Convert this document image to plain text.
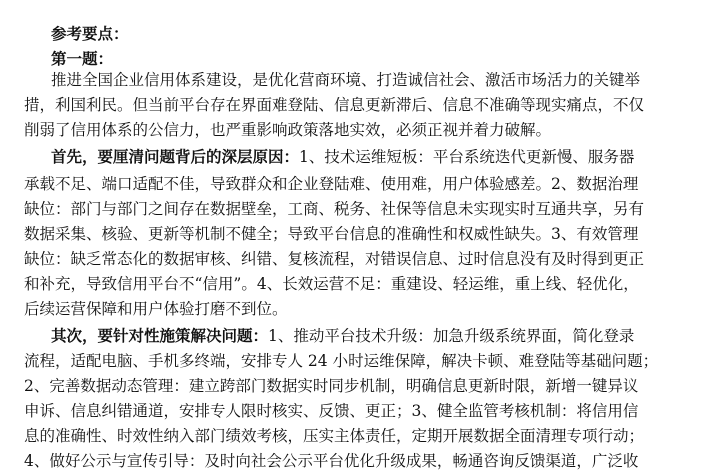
参考要点：
第一题：
推进全国企业信用体系建设，是优化营商环境、打造诚信社会、激活市场活力的关键举
措，利国利民。但当前平台存在界面难登陆、信息更新滞后、信息不准确等现实痛点，不仅
削弱了信用体系的公信力，也严重影响政策落地实效，必须正视并着力破解。
首先，要厘清问题背后的深层原因：1、技术运维短板：平台系统迭代更新慢、服务器
承载不足、端口适配不佳，导致群众和企业登陆难、使用难，用户体验感差。2、数据治理
缺位：部门与部门之间存在数据壁垒，工商、税务、社保等信息未实现实时互通共享，另有
数据采集、核验、更新等机制不健全；导致平台信息的准确性和权威性缺失。3、有效管理
缺位：缺乏常态化的数据审核、纠错、复核流程，对错误信息、过时信息没有及时得到更正
和补充，导致信用平台不“信用”。4、长效运营不足：重建设、轻运维，重上线、轻优化，
后续运营保障和用户体验打磨不到位。
其次，要针对性施策解决问题：1、推动平台技术升级：加急升级系统界面，简化登录
流程，适配电脑、手机多终端，安排专人 24 小时运维保障，解决卡顿、难登陆等基础问题；
2、完善数据动态管理：建立跨部门数据实时同步机制，明确信息更新时限，新增一键异议
申诉、信息纠错通道，安排专人限时核实、反馈、更正；3、健全监管考核机制：将信用信
息的准确性、时效性纳入部门绩效考核，压实主体责任，定期开展数据全面清理专项行动；
4、做好公示与宣传引导：及时向社会公示平台优化升级成果，畅通咨询反馈渠道，广泛收
